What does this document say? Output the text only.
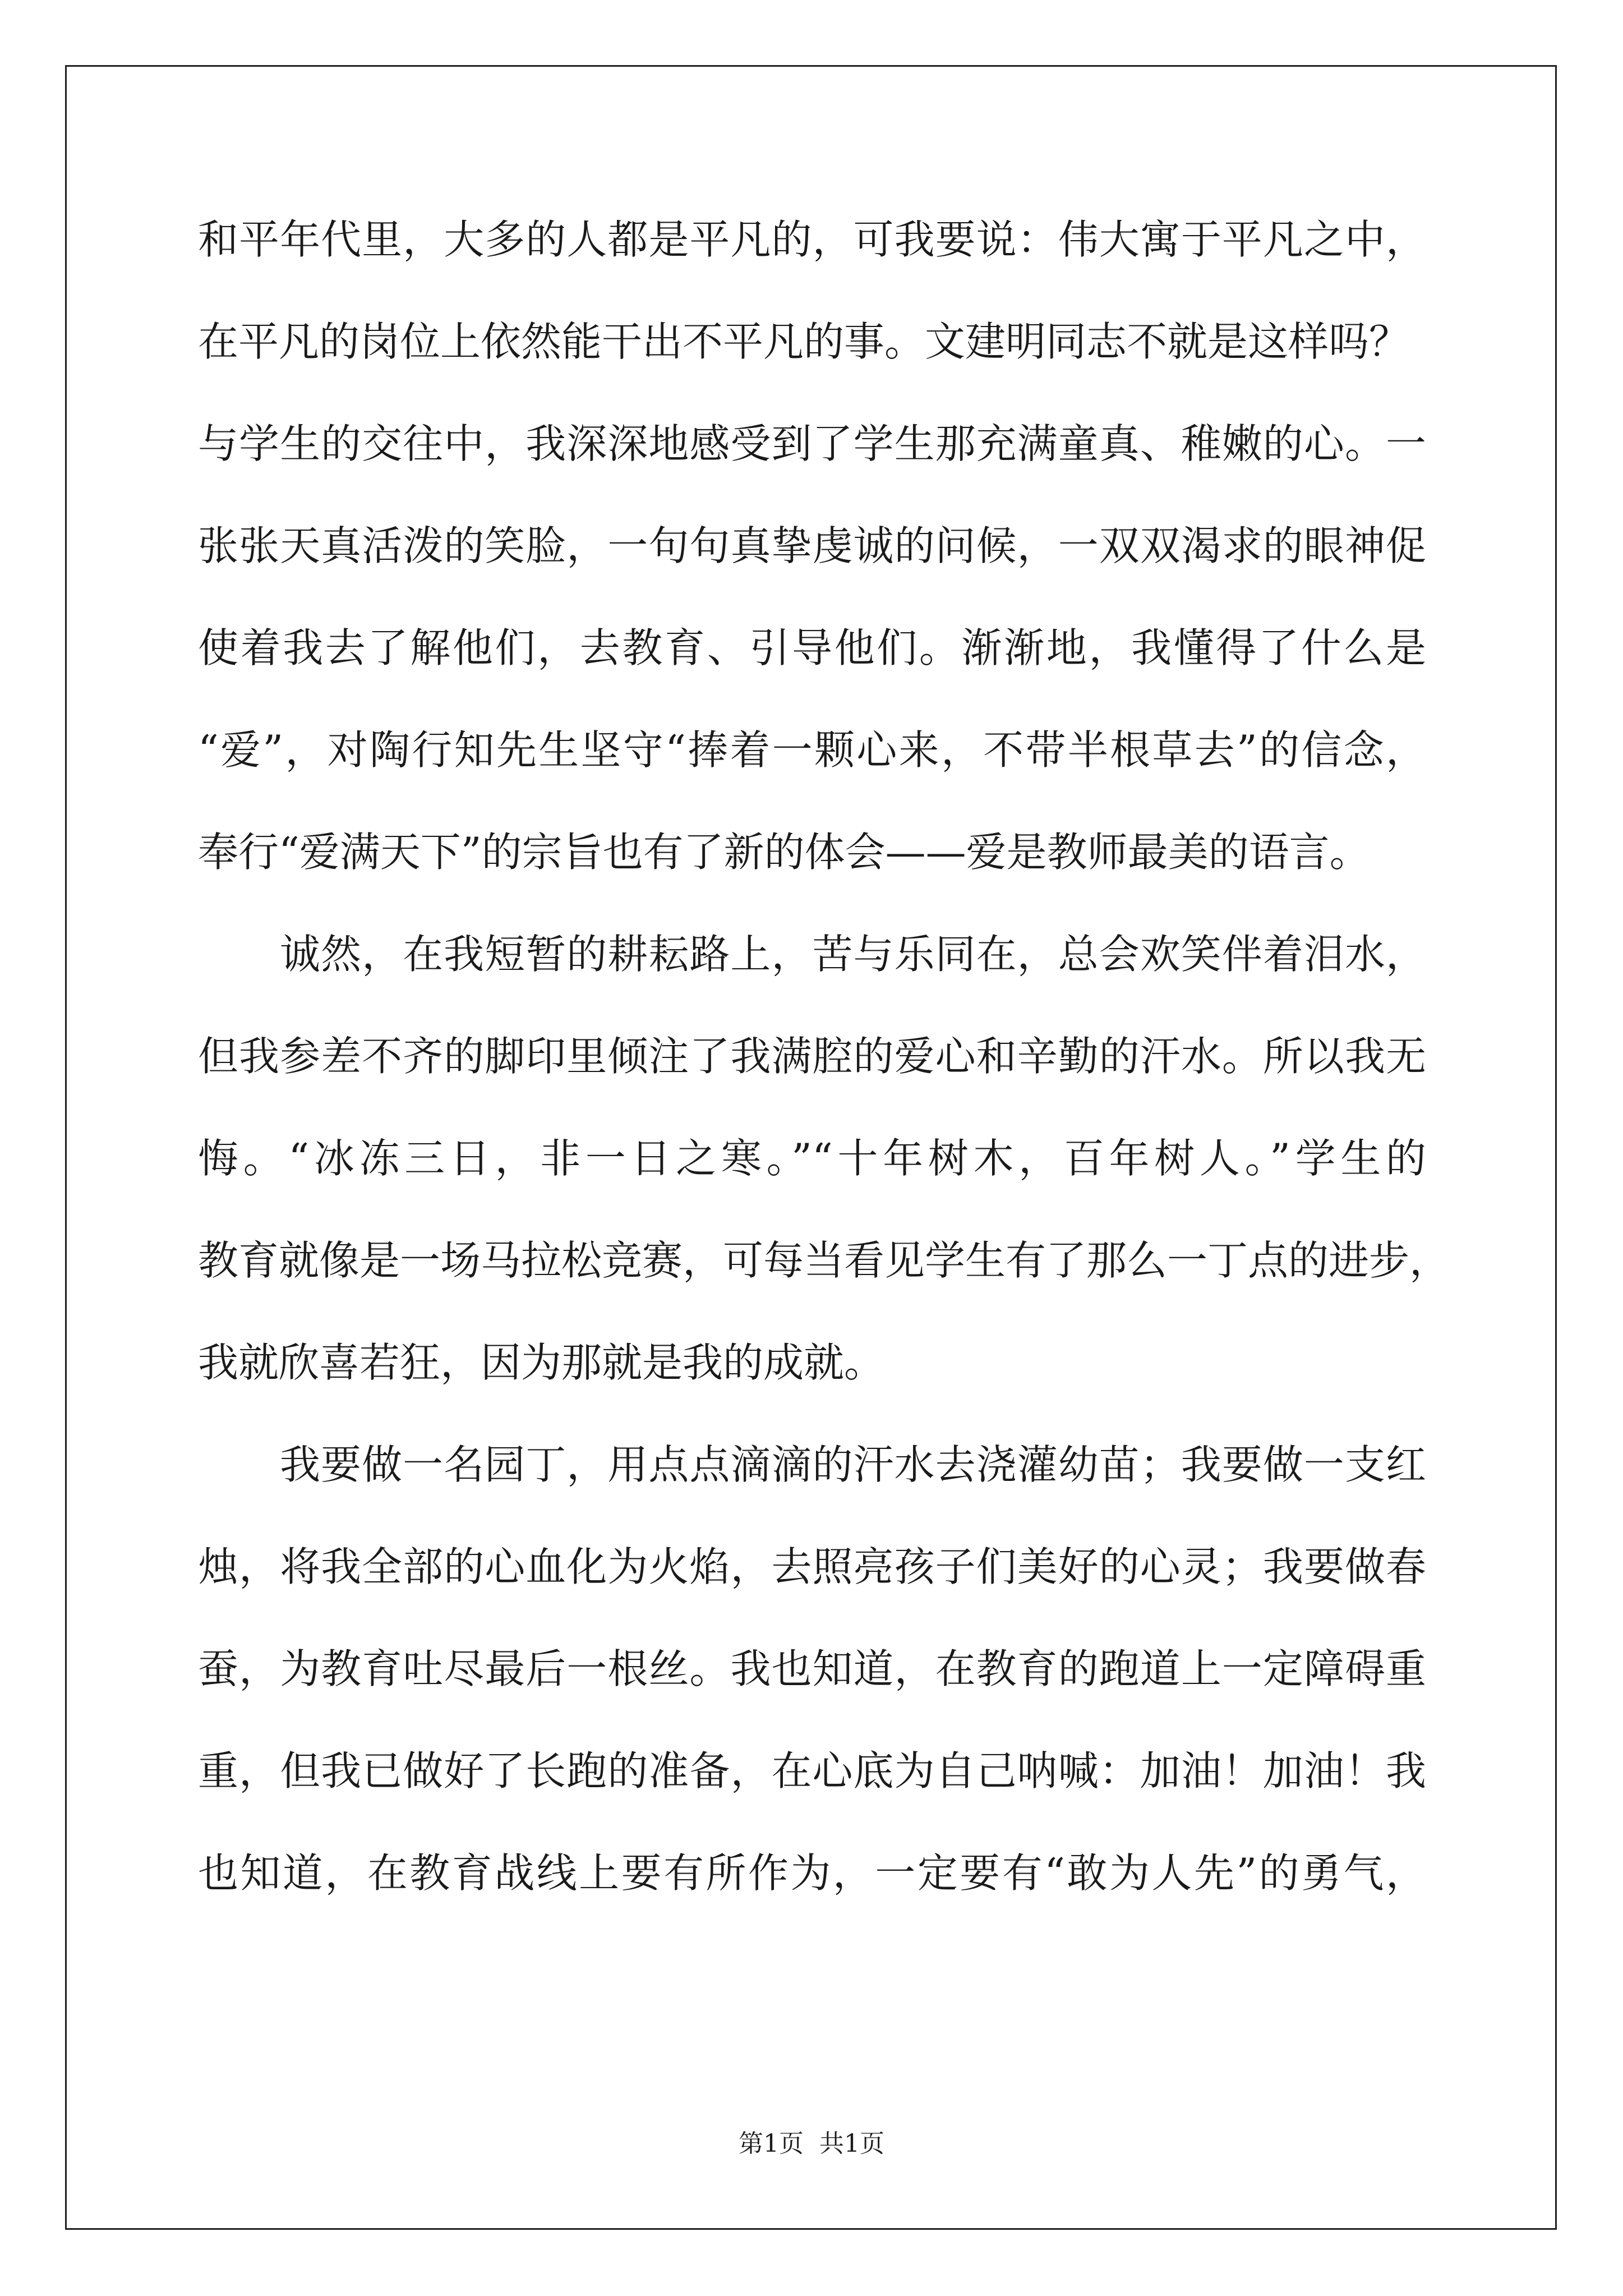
和平年代里，大多的人都是平凡的，可我要说：伟大寓于平凡之中，
在平凡的岗位上依然能干出不平凡的事。文建明同志不就是这样吗？
与学生的交往中，我深深地感受到了学生那充满童真、稚嫩的心。一
张张天真活泼的笑脸，一句句真挚虔诚的问候，一双双渴求的眼神促
使着我去了解他们，去教育、引导他们。渐渐地，我懂得了什么是
“爱”，对陶行知先生坚守“捧着一颗心来，不带半根草去”的信念，
奉行“爱满天下”的宗旨也有了新的体会——爱是教师最美的语言。
诚然，在我短暂的耕耘路上，苦与乐同在，总会欢笑伴着泪水，
但我参差不齐的脚印里倾注了我满腔的爱心和辛勤的汗水。所以我无
悔。“冰冻三日，非一日之寒。”“十年树木，百年树人。”学生的
教育就像是一场马拉松竞赛，可每当看见学生有了那么一丁点的进步，
我就欣喜若狂，因为那就是我的成就。
我要做一名园丁，用点点滴滴的汗水去浇灌幼苗；我要做一支红
烛，将我全部的心血化为火焰，去照亮孩子们美好的心灵；我要做春
蚕，为教育吐尽最后一根丝。我也知道，在教育的跑道上一定障碍重
重，但我已做好了长跑的准备，在心底为自己呐喊：加油！加油！我
也知道，在教育战线上要有所作为，一定要有“敢为人先”的勇气，
第1页 共1页
